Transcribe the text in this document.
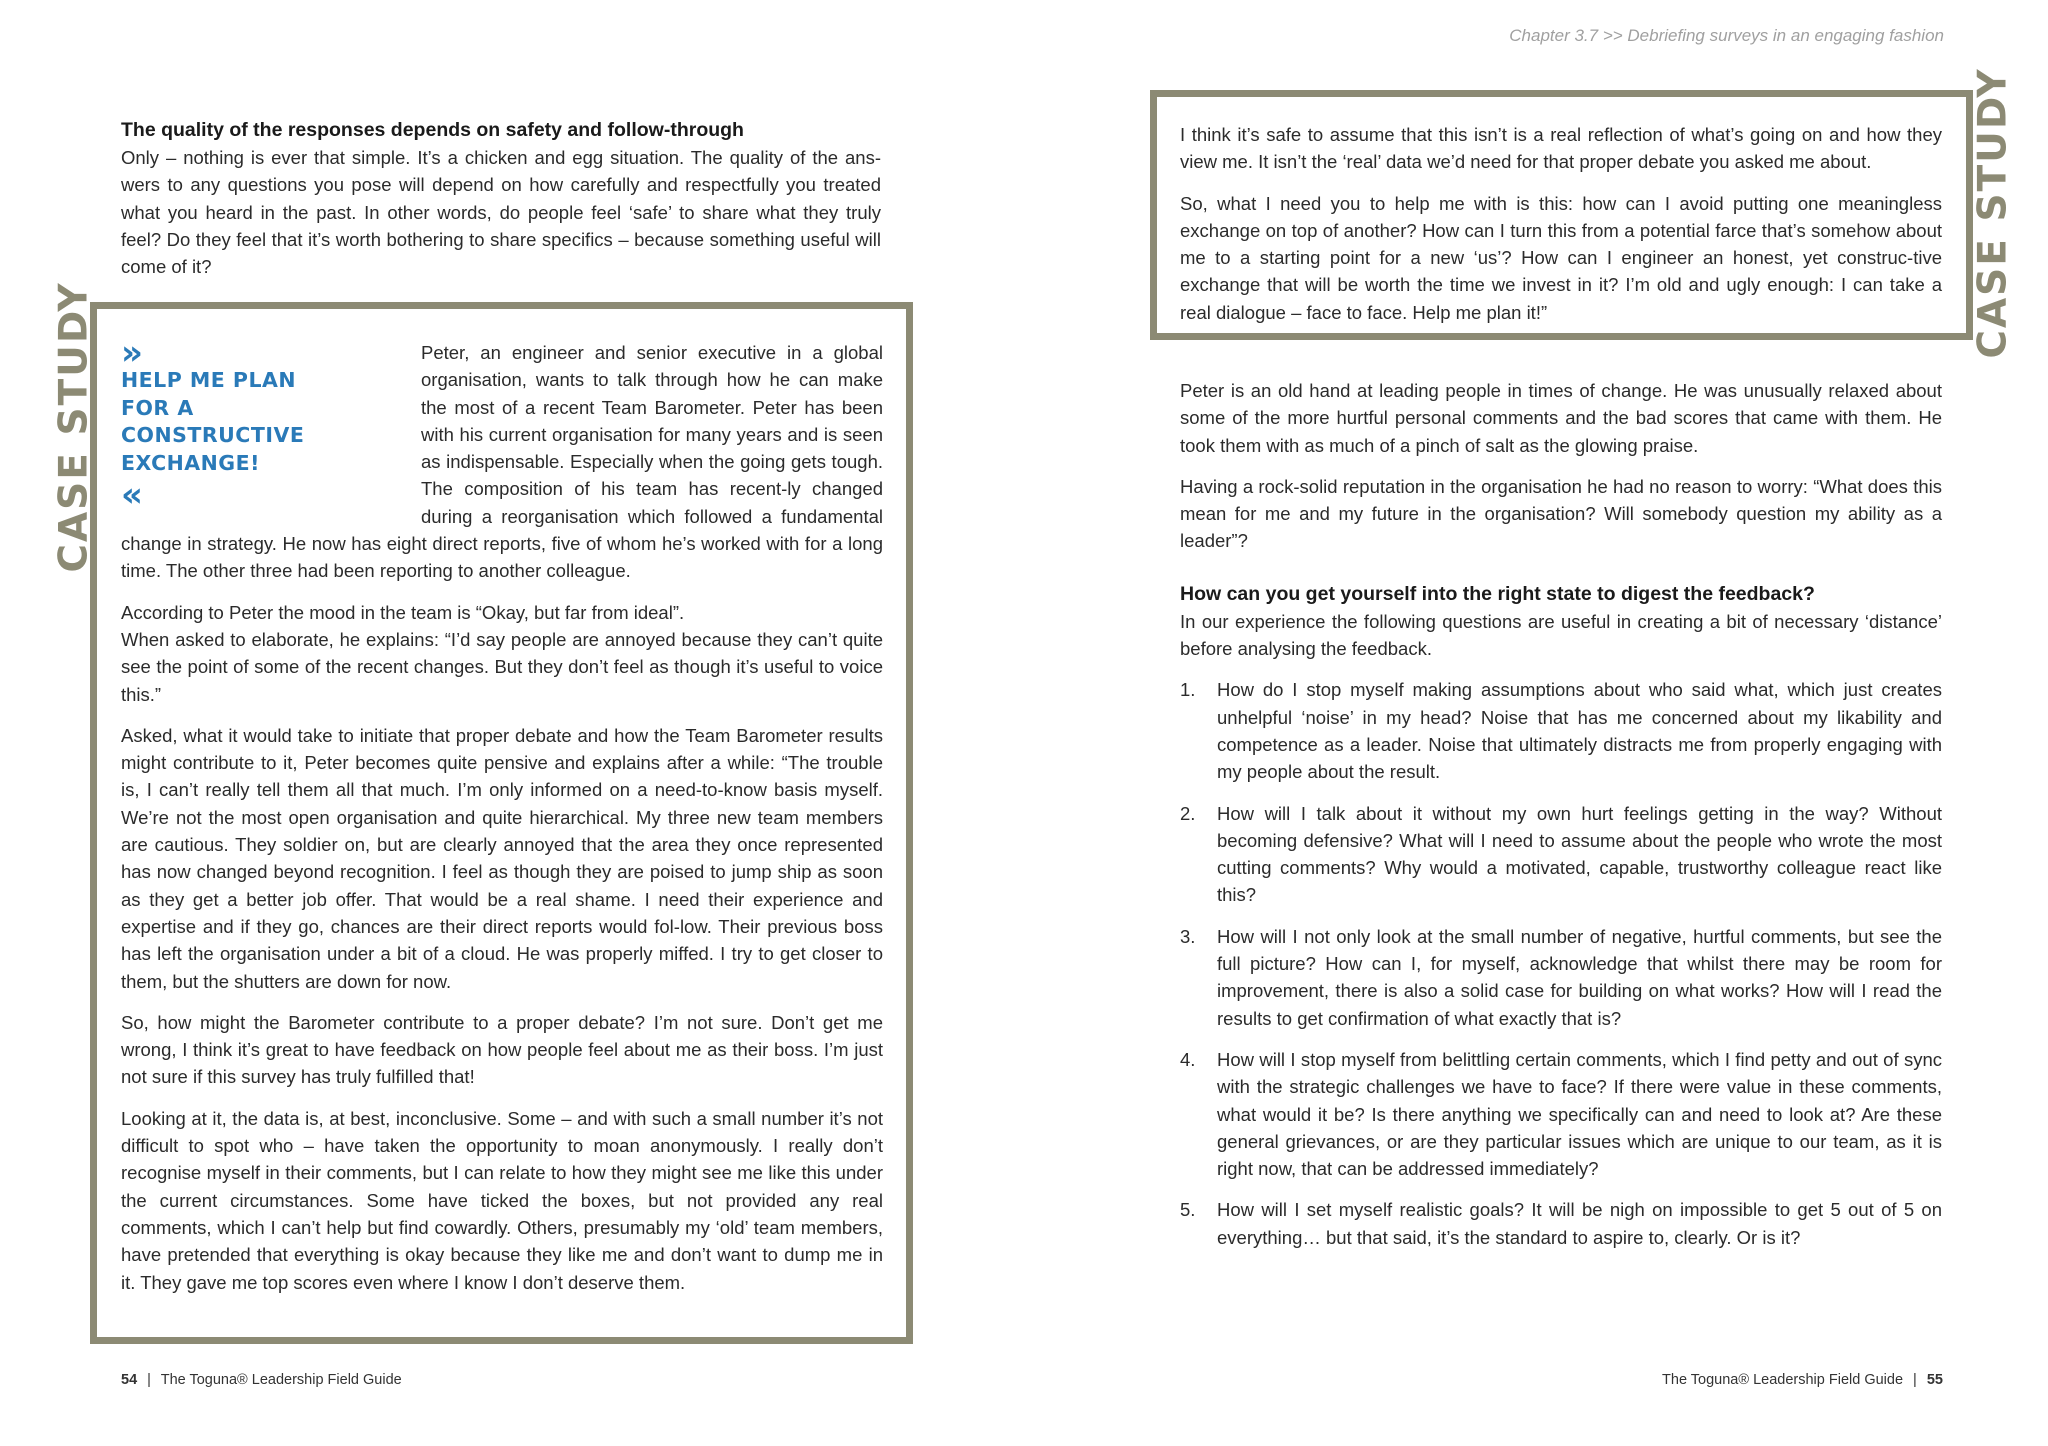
Chapter 3.7 >> Debriefing surveys in an engaging fashion

The quality of the responses depends on safety and follow-through

Only – nothing is ever that simple. It’s a chicken and egg situation. The quality of the ans-wers to any questions you pose will depend on how carefully and respectfully you treated what you heard in the past. In other words, do people feel ‘safe’ to share what they truly feel? Do they feel that it’s worth bothering to share specifics – because something useful will come of it?

CASE STUDY »
HELP ME PLAN
FOR A
CONSTRUCTIVE
EXCHANGE!
«

Peter, an engineer and senior executive in a global organisation, wants to talk through how he can make the most of a recent Team Barometer. Peter has been with his current organisation for many years and is seen as indispensable. Especially when the going gets tough. The composition of his team has recent-ly changed during a reorganisation which followed a fundamental change in strategy. He now has eight direct reports, five of whom he’s worked with for a long time. The other three had been reporting to another colleague.

According to Peter the mood in the team is “Okay, but far from ideal”.

When asked to elaborate, he explains: “I’d say people are annoyed because they can’t quite see the point of some of the recent changes. But they don’t feel as though it’s useful to voice this.”

Asked, what it would take to initiate that proper debate and how the Team Barometer results might contribute to it, Peter becomes quite pensive and explains after a while: “The trouble is, I can’t really tell them all that much. I’m only informed on a need-to-know basis myself. We’re not the most open organisation and quite hierarchical. My three new team members are cautious. They soldier on, but are clearly annoyed that the area they once represented has now changed beyond recognition. I feel as though they are poised to jump ship as soon as they get a better job offer. That would be a real shame. I need their experience and expertise and if they go, chances are their direct reports would fol-low. Their previous boss has left the organisation under a bit of a cloud. He was properly miffed. I try to get closer to them, but the shutters are down for now.

So, how might the Barometer contribute to a proper debate? I’m not sure. Don’t get me wrong, I think it’s great to have feedback on how people feel about me as their boss. I’m just not sure if this survey has truly fulfilled that!

Looking at it, the data is, at best, inconclusive. Some – and with such a small number it’s not difficult to spot who – have taken the opportunity to moan anonymously. I really don’t recognise myself in their comments, but I can relate to how they might see me like this under the current circumstances. Some have ticked the boxes, but not provided any real comments, which I can’t help but find cowardly. Others, presumably my ‘old’ team members, have pretended that everything is okay because they like me and don’t want to dump me in it. They gave me top scores even where I know I don’t deserve them.

54 | The Toguna® Leadership Field Guide

I think it’s safe to assume that this isn’t is a real reflection of what’s going on and how they view me. It isn’t the ‘real’ data we’d need for that proper debate you asked me about.

So, what I need you to help me with is this: how can I avoid putting one meaningless exchange on top of another? How can I turn this from a potential farce that’s somehow about me to a starting point for a new ‘us’? How can I engineer an honest, yet construc-tive exchange that will be worth the time we invest in it? I’m old and ugly enough: I can take a real dialogue – face to face. Help me plan it!”	CASE STUDY

Peter is an old hand at leading people in times of change. He was unusually relaxed about some of the more hurtful personal comments and the bad scores that came with them. He took them with as much of a pinch of salt as the glowing praise.

Having a rock-solid reputation in the organisation he had no reason to worry: “What does this mean for me and my future in the organisation? Will somebody question my ability as a leader”?

How can you get yourself into the right state to digest the feedback?

In our experience the following questions are useful in creating a bit of necessary ‘distance’ before analysing the feedback.

1. How do I stop myself making assumptions about who said what, which just creates unhelpful ‘noise’ in my head? Noise that has me concerned about my likability and competence as a leader. Noise that ultimately distracts me from properly engaging with my people about the result.
2. How will I talk about it without my own hurt feelings getting in the way? Without becoming defensive? What will I need to assume about the people who wrote the most cutting comments? Why would a motivated, capable, trustworthy colleague react like this?
3. How will I not only look at the small number of negative, hurtful comments, but see the full picture? How can I, for myself, acknowledge that whilst there may be room for improvement, there is also a solid case for building on what works? How will I read the results to get confirmation of what exactly that is?
4. How will I stop myself from belittling certain comments, which I find petty and out of sync with the strategic challenges we have to face? If there were value in these comments, what would it be? Is there anything we specifically can and need to look at? Are these general grievances, or are they particular issues which are unique to our team, as it is right now, that can be addressed immediately?
5. How will I set myself realistic goals? It will be nigh on impossible to get 5 out of 5 on everything… but that said, it’s the standard to aspire to, clearly. Or is it?
The Toguna® Leadership Field Guide | 55
